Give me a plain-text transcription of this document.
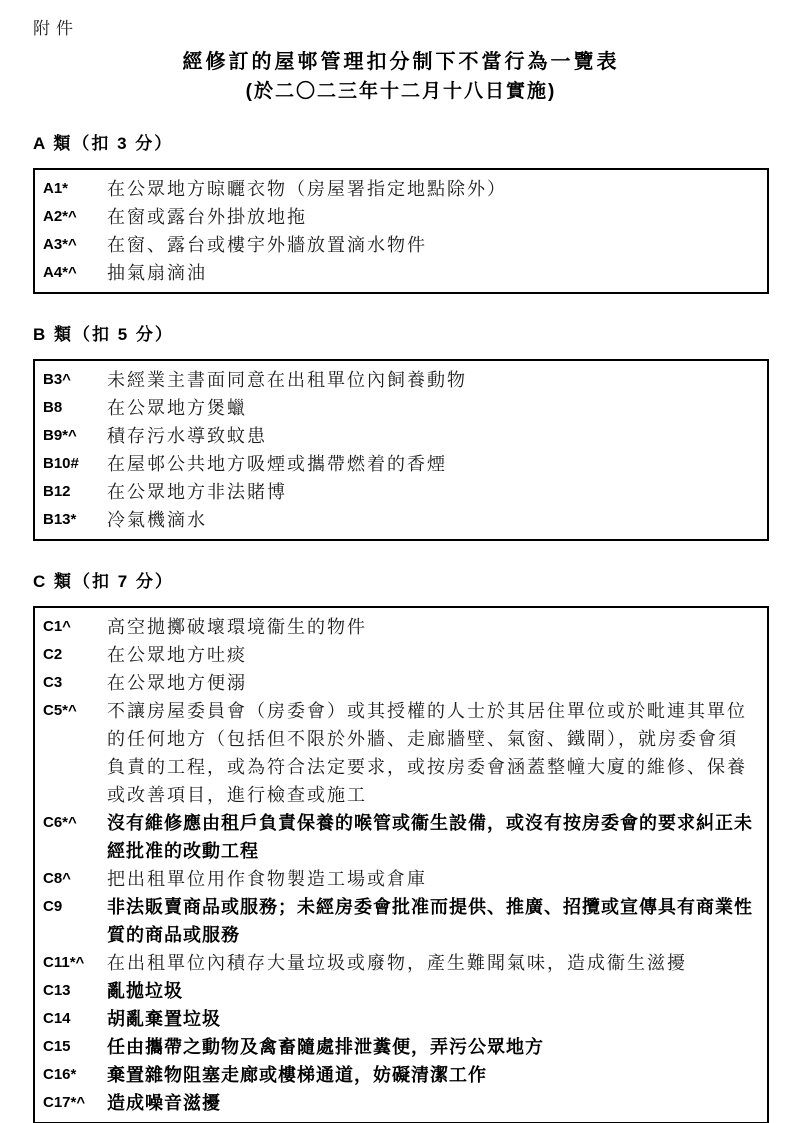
附件
經修訂的屋邨管理扣分制下不當行為一覽表
(於二〇二三年十二月十八日實施)
A 類（扣 3 分）
A1*	在公眾地方晾曬衣物（房屋署指定地點除外）
A2*^	在窗或露台外掛放地拖
A3*^	在窗、露台或樓宇外牆放置滴水物件
A4*^	抽氣扇滴油
B 類（扣 5 分）
B3^	未經業主書面同意在出租單位內飼養動物
B8	在公眾地方煲蠟
B9*^	積存污水導致蚊患
B10#	在屋邨公共地方吸煙或攜帶燃着的香煙
B12	在公眾地方非法賭博
B13*	冷氣機滴水
C 類（扣 7 分）
C1^	高空拋擲破壞環境衞生的物件
C2	在公眾地方吐痰
C3	在公眾地方便溺
C5*^	不讓房屋委員會（房委會）或其授權的人士於其居住單位或於毗連其單位的任何地方（包括但不限於外牆、走廊牆壁、氣窗、鐵閘），就房委會須負責的工程，或為符合法定要求，或按房委會涵蓋整幢大廈的維修、保養或改善項目，進行檢查或施工
C6*^	沒有維修應由租戶負責保養的喉管或衞生設備，或沒有按房委會的要求糾正未經批准的改動工程
C8^	把出租單位用作食物製造工場或倉庫
C9	非法販賣商品或服務；未經房委會批准而提供、推廣、招攬或宣傳具有商業性質的商品或服務
C11*^	在出租單位內積存大量垃圾或廢物，產生難聞氣味，造成衞生滋擾
C13	亂拋垃圾
C14	胡亂棄置垃圾
C15	任由攜帶之動物及禽畜隨處排泄糞便，弄污公眾地方
C16*	棄置雜物阻塞走廊或樓梯通道，妨礙清潔工作
C17*^	造成噪音滋擾
